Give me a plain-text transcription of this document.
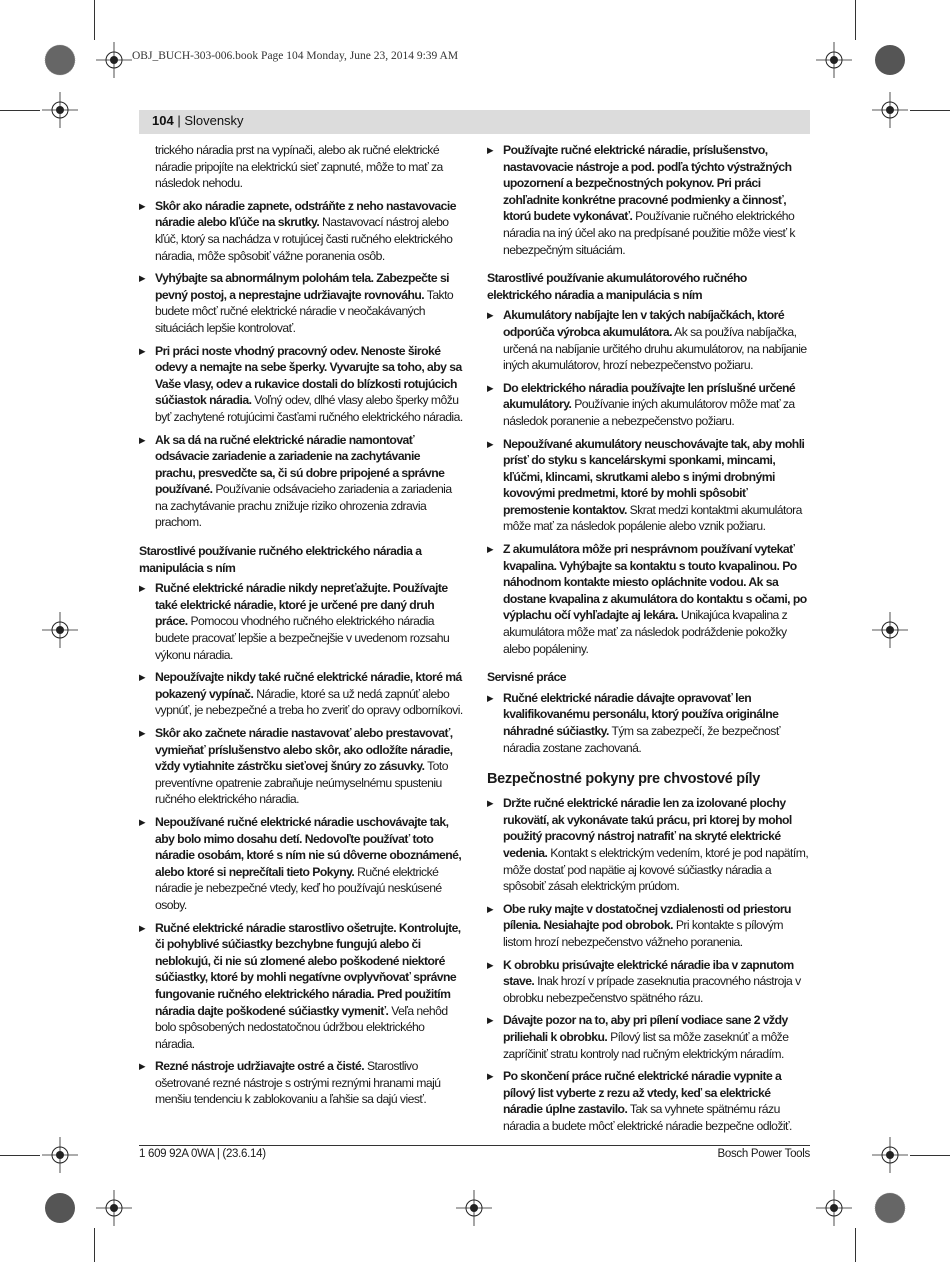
OBJ_BUCH-303-006.book Page 104 Monday, June 23, 2014 9:39 AM
104 | Slovensky
trického náradia prst na vypínači, alebo ak ručné elektrické náradie pripojíte na elektrickú sieť zapnuté, môže to mať za následok nehodu.
▶ Skôr ako náradie zapnete, odstráňte z neho nastavovacie náradie alebo kľúče na skrutky. Nastavovací nástroj alebo kľúč, ktorý sa nachádza v rotujúcej časti ručného elektrického náradia, môže spôsobiť vážne poranenia osôb.
▶ Vyhýbajte sa abnormálnym polohám tela. Zabezpečte si pevný postoj, a neprestajne udržiavajte rovnováhu. Takto budete môcť ručné elektrické náradie v neočakávaných situáciách lepšie kontrolovať.
▶ Pri práci noste vhodný pracovný odev. Nenoste široké odevy a nemajte na sebe šperky. Vyvarujte sa toho, aby sa Vaše vlasy, odev a rukavice dostali do blízkosti rotujúcich súčiastok náradia. Voľný odev, dlhé vlasy alebo šperky môžu byť zachytené rotujúcimi časťami ručného elektrického náradia.
▶ Ak sa dá na ručné elektrické náradie namontovať odsávacie zariadenie a zariadenie na zachytávanie prachu, presvedčte sa, či sú dobre pripojené a správne používané. Používanie odsávacieho zariadenia a zariadenia na zachytávanie prachu znižuje riziko ohrozenia zdravia prachom.
Starostlivé používanie ručného elektrického náradia a manipulácia s ním
▶ Ručné elektrické náradie nikdy nepreťažujte. Používajte také elektrické náradie, ktoré je určené pre daný druh práce. Pomocou vhodného ručného elektrického náradia budete pracovať lepšie a bezpečnejšie v uvedenom rozsahu výkonu náradia.
▶ Nepoužívajte nikdy také ručné elektrické náradie, ktoré má pokazený vypínač. Náradie, ktoré sa už nedá zapnúť alebo vypnúť, je nebezpečné a treba ho zveriť do opravy odborníkovi.
▶ Skôr ako začnete náradie nastavovať alebo prestavovať, vymieňať príslušenstvo alebo skôr, ako odložíte náradie, vždy vytiahnite zástrčku sieťovej šnúry zo zásuvky. Toto preventívne opatrenie zabraňuje neúmyselnému spusteniu ručného elektrického náradia.
▶ Nepoužívané ručné elektrické náradie uschovávajte tak, aby bolo mimo dosahu detí. Nedovoľte používať toto náradie osobám, ktoré s ním nie sú dôverne oboznámené, alebo ktoré si neprečítali tieto Pokyny. Ručné elektrické náradie je nebezpečné vtedy, keď ho používajú neskúsené osoby.
▶ Ručné elektrické náradie starostlivo ošetrujte. Kontrolujte, či pohyblivé súčiastky bezchybne fungujú alebo či neblokujú, či nie sú zlomené alebo poškodené niektoré súčiastky, ktoré by mohli negatívne ovplyvňovať správne fungovanie ručného elektrického náradia. Pred použitím náradia dajte poškodené súčiastky vymeniť. Veľa nehôd bolo spôsobených nedostatočnou údržbou elektrického náradia.
▶ Rezné nástroje udržiavajte ostré a čisté. Starostlivo ošetrované rezné nástroje s ostrými reznými hranami majú menšiu tendenciu k zablokovaniu a ľahšie sa dajú viesť.
▶ Používajte ručné elektrické náradie, príslušenstvo, nastavovacie nástroje a pod. podľa týchto výstražných upozornení a bezpečnostných pokynov. Pri práci zohľadnite konkrétne pracovné podmienky a činnosť, ktorú budete vykonávať. Používanie ručného elektrického náradia na iný účel ako na predpísané použitie môže viesť k nebezpečným situáciám.
Starostlivé používanie akumulátorového ručného elektrického náradia a manipulácia s ním
▶ Akumulátory nabíjajte len v takých nabíjačkách, ktoré odporúča výrobca akumulátora. Ak sa používa nabíjačka, určená na nabíjanie určitého druhu akumulátorov, na nabíjanie iných akumulátorov, hrozí nebezpečenstvo požiaru.
▶ Do elektrického náradia používajte len príslušné určené akumulátory. Používanie iných akumulátorov môže mať za následok poranenie a nebezpečenstvo požiaru.
▶ Nepoužívané akumulátory neuschovávajte tak, aby mohli prísť do styku s kancelárskymi sponkami, mincami, kľúčmi, klincami, skrutkami alebo s inými drobnými kovovými predmetmi, ktoré by mohli spôsobiť premostenie kontaktov. Skrat medzi kontaktmi akumulátora môže mať za následok popálenie alebo vznik požiaru.
▶ Z akumulátora môže pri nesprávnom používaní vytekať kvapalina. Vyhýbajte sa kontaktu s touto kvapalinou. Po náhodnom kontakte miesto opláchnite vodou. Ak sa dostane kvapalina z akumulátora do kontaktu s očami, po výplachu očí vyhľadajte aj lekára. Unikajúca kvapalina z akumulátora môže mať za následok podráždenie pokožky alebo popáleniny.
Servisné práce
▶ Ručné elektrické náradie dávajte opravovať len kvalifikovanému personálu, ktorý používa originálne náhradné súčiastky. Tým sa zabezpečí, že bezpečnosť náradia zostane zachovaná.
Bezpečnostné pokyny pre chvostové píly
▶ Držte ručné elektrické náradie len za izolované plochy rukovätí, ak vykonávate takú prácu, pri ktorej by mohol použitý pracovný nástroj natrafiť na skryté elektrické vedenia. Kontakt s elektrickým vedením, ktoré je pod napätím, môže dostať pod napätie aj kovové súčiastky náradia a spôsobiť zásah elektrickým prúdom.
▶ Obe ruky majte v dostatočnej vzdialenosti od priestoru pílenia. Nesiahajte pod obrobok. Pri kontakte s pílovým listom hrozí nebezpečenstvo vážneho poranenia.
▶ K obrobku prisúvajte elektrické náradie iba v zapnutom stave. Inak hrozí v prípade zaseknutia pracovného nástroja v obrobku nebezpečenstvo spätného rázu.
▶ Dávajte pozor na to, aby pri pílení vodiace sane 2 vždy priliehali k obrobku. Pílový list sa môže zaseknúť a môže zapríčiniť stratu kontroly nad ručným elektrickým náradím.
▶ Po skončení práce ručné elektrické náradie vypnite a pílový list vyberte z rezu až vtedy, keď sa elektrické náradie úplne zastavilo. Tak sa vyhnete spätnému rázu náradia a budete môcť elektrické náradie bezpečne odložiť.
1 609 92A 0WA | (23.6.14)	Bosch Power Tools
